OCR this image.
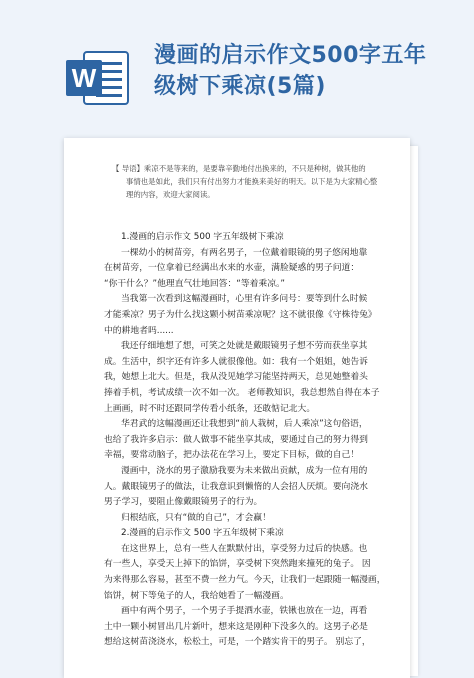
W
漫画的启示作文500字五年
级树下乘凉(5篇)
【 导语】乘凉不是等来的，是要靠辛勤地付出换来的，不只是种树，做其他的
事情也是如此，我们只有付出努力才能换来美好的明天。以下是为大家精心整
理的内容，欢迎大家阅读。
1.漫画的启示作文 500 字五年级树下乘凉
一棵幼小的树苗旁，有两名男子，一位戴着眼镜的男子悠闲地靠
在树苗旁，一位拿着已经满出水来的水壶，满脸疑惑的男子问道：
“你干什么？”他理直气壮地回答：“等着乘凉。”
当我第一次看到这幅漫画时，心里有许多问号：要等到什么时候
才能乘凉？男子为什么找这颗小树苗乘凉呢？这不就很像《守株待兔》
中的耕地者吗......
我还仔细地想了想，可笑之处就是戴眼镜男子想不劳而获坐享其
成。生活中，织字还有许多人就很像他。如：我有一个姐姐，她告诉
我，她想上北大。但是，我从没见她学习能坚持两天，总见她整着头
捧着手机，考试成绩一次不如一次。 老师教知识，我总想然自得在本子
上画画，时不时还跟同学传看小纸条，还敢惦记北大。
华君武的这幅漫画还让我想到“前人栽树，后人乘凉”这句俗语，
也给了我许多启示：做人做事不能坐享其成，要通过自己的努力得到
幸福，要常动脑子，把办法花在学习上，要定下目标，做的自己！
漫画中，浇水的男子激励我要为未来做出贡献，成为一位有用的
人。戴眼镜男子的做法，让我意识到懒惰的人会招人厌烦。要向浇水
男子学习，要阻止像戴眼镜男子的行为。
归根结底，只有“做的自己”，才会赢！
2.漫画的启示作文 500 字五年级树下乘凉
在这世界上，总有一些人在默默付出，享受努力过后的快感。也
有一些人，享受天上掉下的馅饼，享受树下突然跑来撞死的兔子。 因
为来得那么容易，甚至不费一丝力气。今天，让我们一起跟随一幅漫画，
馅饼，树下等兔子的人，我给她看了一幅漫画。
画中有两个男子，一个男子手提洒水壶，铁锹也放在一边，再看
土中一颗小树冒出几片新叶，想来这是刚种下没多久的。这男子必是
想给这树苗浇浇水，松松土，可是，一个踏实肯干的男子。 别忘了，
